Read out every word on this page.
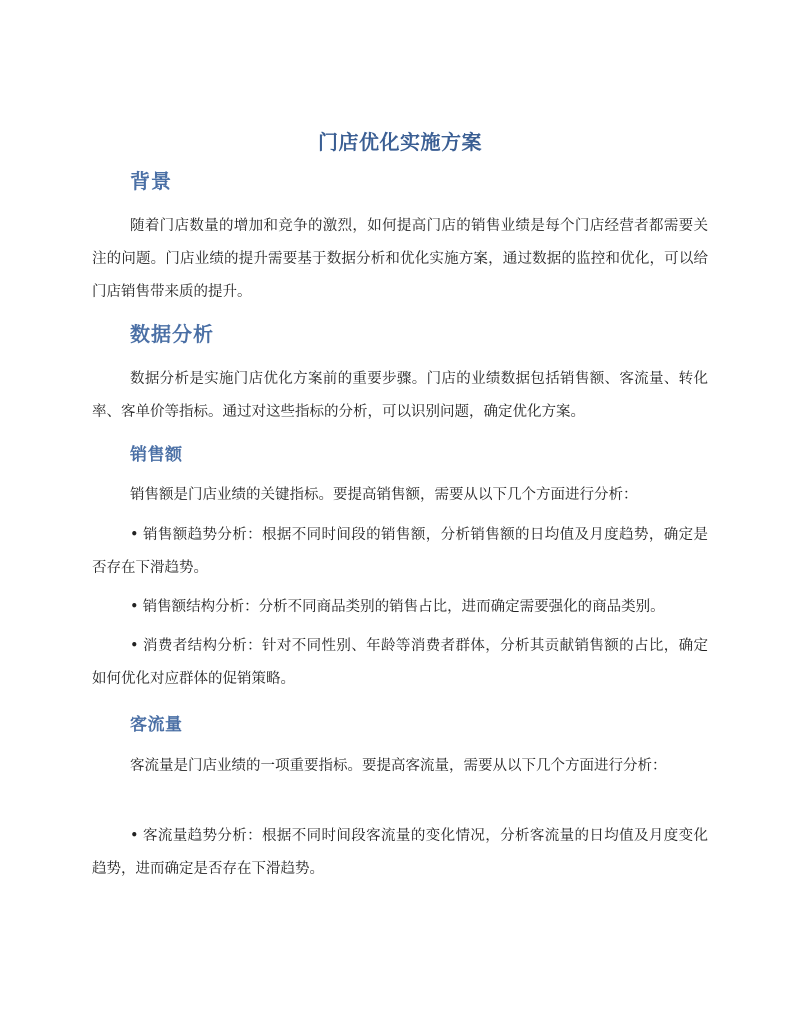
门店优化实施方案
背景

随着门店数量的增加和竞争的激烈，如何提高门店的销售业绩是每个门店经营者都需要关注的问题。门店业绩的提升需要基于数据分析和优化实施方案，通过数据的监控和优化，可以给门店销售带来质的提升。

数据分析

数据分析是实施门店优化方案前的重要步骤。门店的业绩数据包括销售额、客流量、转化率、客单价等指标。通过对这些指标的分析，可以识别问题，确定优化方案。

销售额

销售额是门店业绩的关键指标。要提高销售额，需要从以下几个方面进行分析：

• 销售额趋势分析：根据不同时间段的销售额，分析销售额的日均值及月度趋势，确定是否存在下滑趋势。

• 销售额结构分析：分析不同商品类别的销售占比，进而确定需要强化的商品类别。

• 消费者结构分析：针对不同性别、年龄等消费者群体，分析其贡献销售额的占比，确定如何优化对应群体的促销策略。

客流量

客流量是门店业绩的一项重要指标。要提高客流量，需要从以下几个方面进行分析：

• 客流量趋势分析：根据不同时间段客流量的变化情况，分析客流量的日均值及月度变化趋势，进而确定是否存在下滑趋势。
